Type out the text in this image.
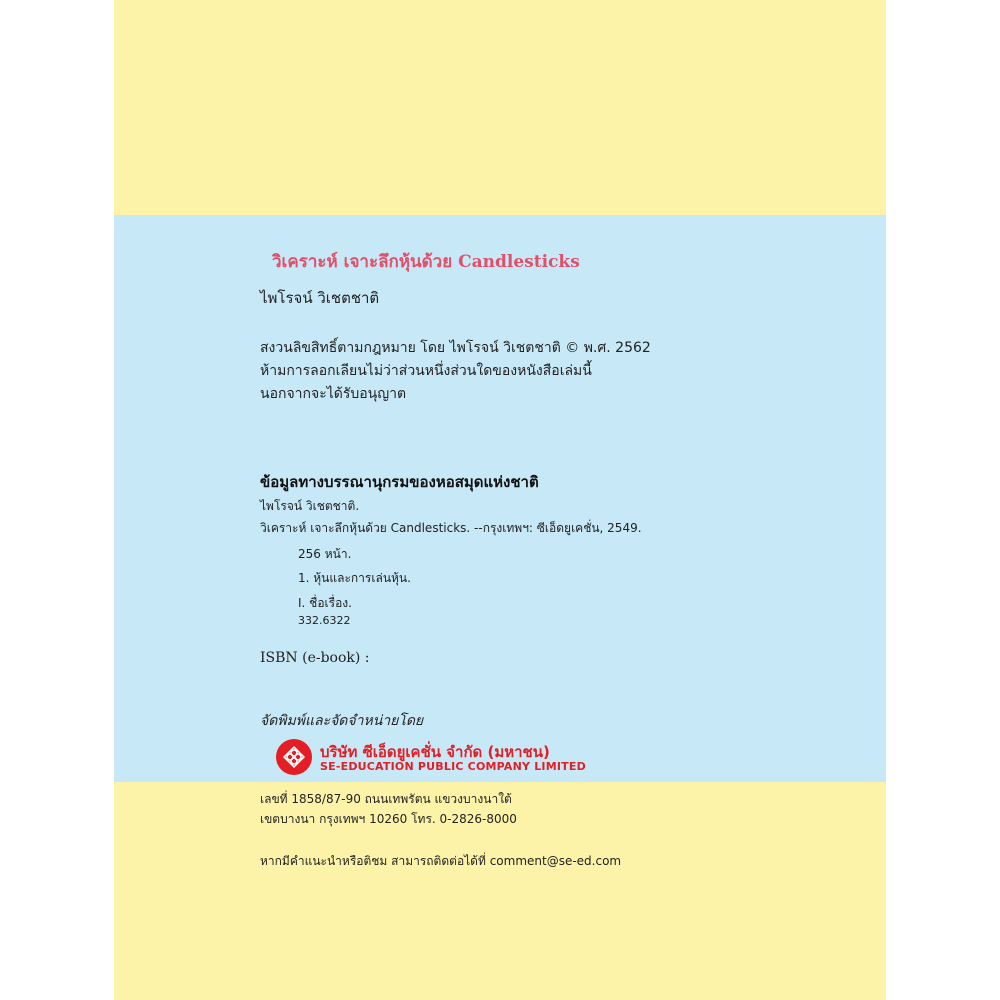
วิเคราะห์ เจาะลึกหุ้นด้วย Candlesticks
ไพโรจน์ วิเชตชาติ
สงวนลิขสิทธิ์ตามกฎหมาย โดย ไพโรจน์ วิเชตชาติ © พ.ศ. 2562
ห้ามการลอกเลียนไม่ว่าส่วนหนึ่งส่วนใดของหนังสือเล่มนี้
นอกจากจะได้รับอนุญาต
ข้อมูลทางบรรณานุกรมของหอสมุดแห่งชาติ
ไพโรจน์ วิเชตชาติ.
วิเคราะห์ เจาะลึกหุ้นด้วย Candlesticks. --กรุงเทพฯ: ซีเอ็ดยูเคชั่น, 2549.
256 หน้า.
1. หุ้นและการเล่นหุ้น.
I. ชื่อเรื่อง.
332.6322
ISBN (e-book) :
จัดพิมพ์และจัดจำหน่ายโดย
บริษัท ซีเอ็ดยูเคชั่น จำกัด (มหาชน)
SE-EDUCATION PUBLIC COMPANY LIMITED
เลขที่ 1858/87-90 ถนนเทพรัตน แขวงบางนาใต้
เขตบางนา กรุงเทพฯ 10260 โทร. 0-2826-8000
หากมีคำแนะนำหรือติชม สามารถติดต่อได้ที่ comment@se-ed.com
